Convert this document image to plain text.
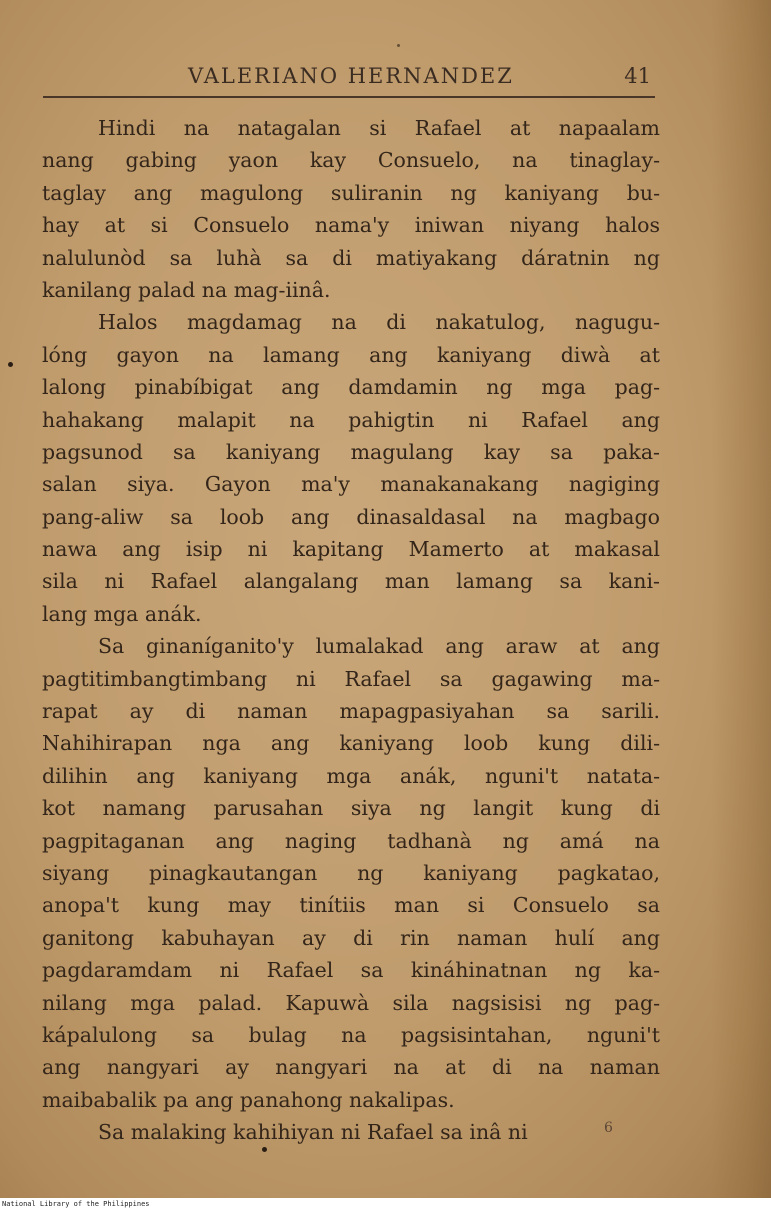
VALERIANO HERNANDEZ	41
Hindi na natagalan si Rafael at napaalam
nang gabing yaon kay Consuelo, na tinaglay-
taglay ang magulong suliranin ng kaniyang bu-
hay at si Consuelo nama'y iniwan niyang halos
nalulunòd sa luhà sa di matiyakang dáratnin ng
kanilang palad na mag-iinâ.
Halos magdamag na di nakatulog, nagugu-
lóng gayon na lamang ang kaniyang diwà at
lalong pinabíbigat ang damdamin ng mga pag-
hahakang malapit na pahigtin ni Rafael ang
pagsunod sa kaniyang magulang kay sa paka-
salan siya. Gayon ma'y manakanakang nagiging
pang-aliw sa loob ang dinasaldasal na magbago
nawa ang isip ni kapitang Mamerto at makasal
sila ni Rafael alangalang man lamang sa kani-
lang mga anák.
Sa ginaníganito'y lumalakad ang araw at ang
pagtitimbangtimbang ni Rafael sa gagawing ma-
rapat ay di naman mapagpasiyahan sa sarili.
Nahihirapan nga ang kaniyang loob kung dili-
dilihin ang kaniyang mga anák, nguni't natata-
kot namang parusahan siya ng langit kung di
pagpitaganan ang naging tadhanà ng amá na
siyang pinagkautangan ng kaniyang pagkatao,
anopa't kung may tinítiis man si Consuelo sa
ganitong kabuhayan ay di rin naman hulí ang
pagdaramdam ni Rafael sa kináhinatnan ng ka-
nilang mga palad. Kapuwà sila nagsisisi ng pag-
kápalulong sa bulag na pagsisintahan, nguni't
ang nangyari ay nangyari na at di na naman
maibabalik pa ang panahong nakalipas.
Sa malaking kahihiyan ni Rafael sa inâ ni	6
National Library of the Philippines
